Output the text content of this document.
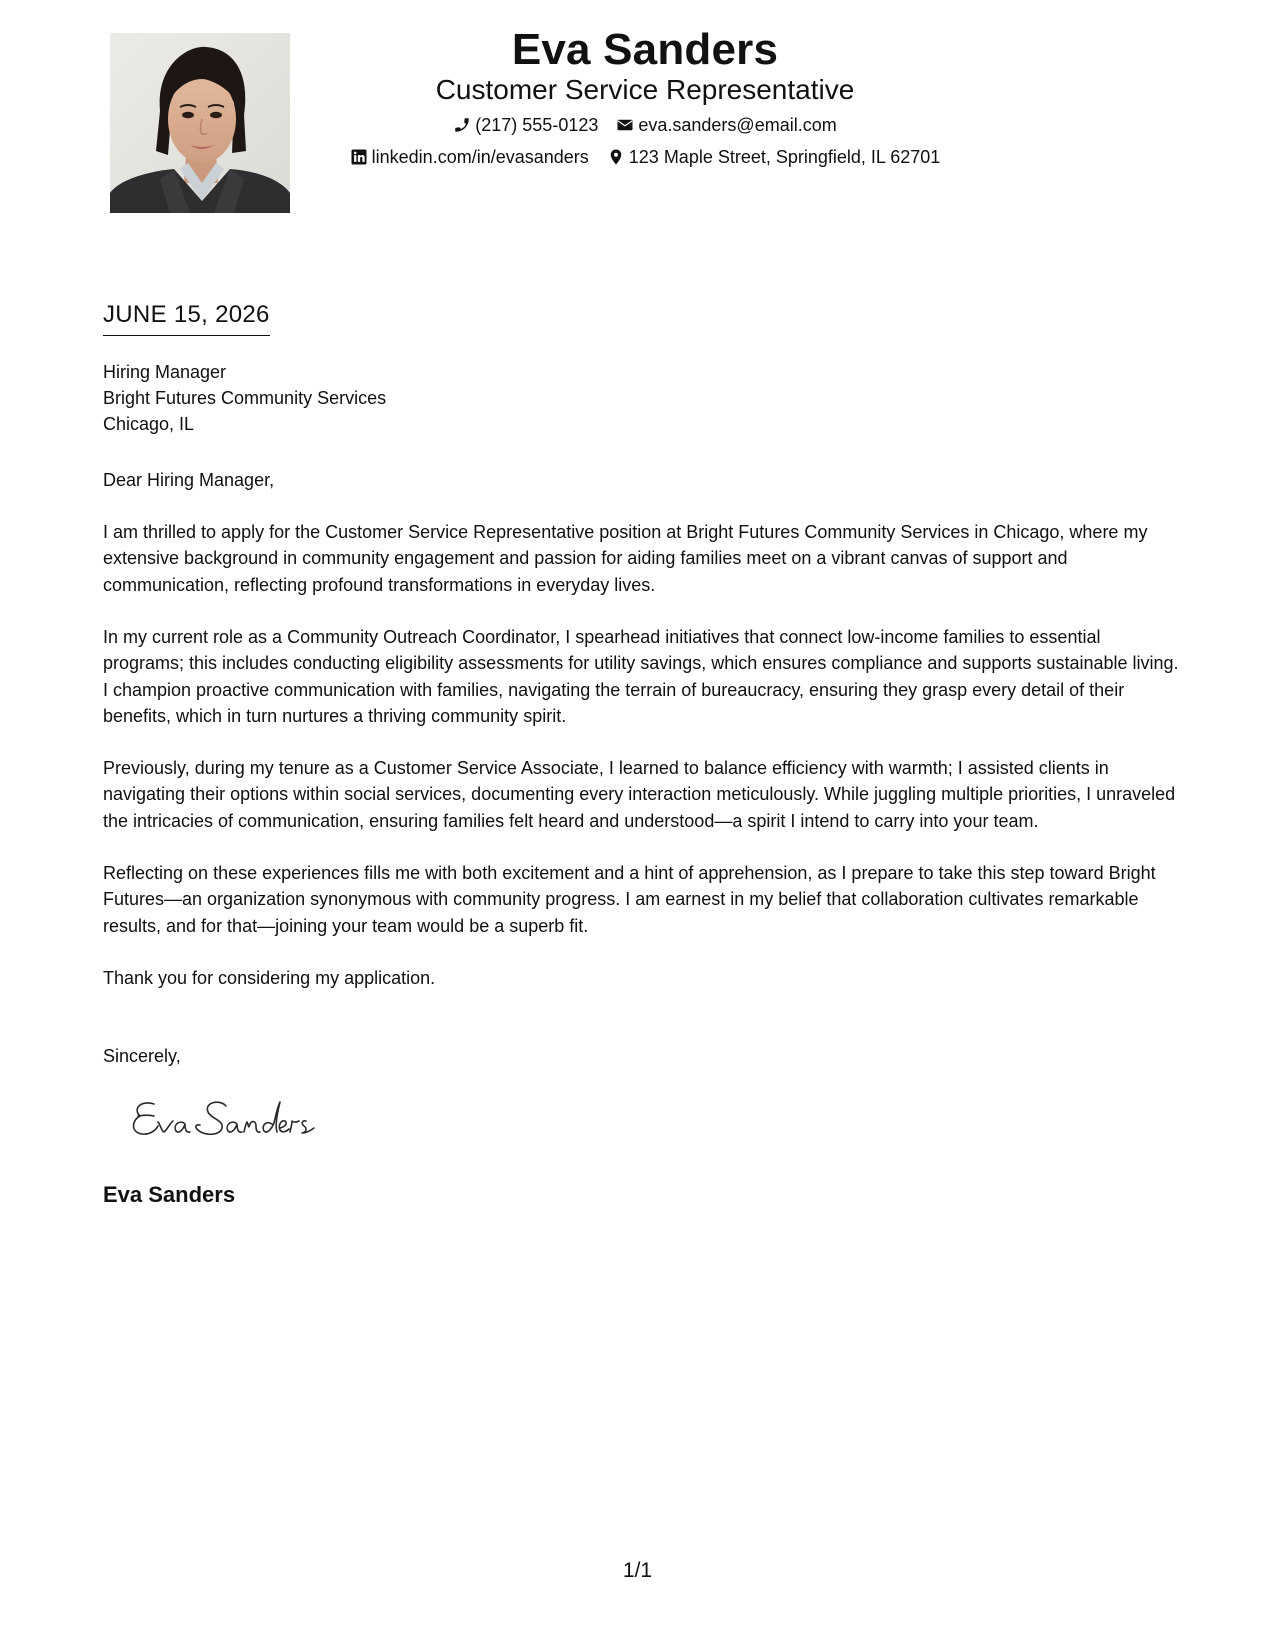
Eva Sanders
Customer Service Representative
(217) 555-0123 eva.sanders@email.com
linkedin.com/in/evasanders 123 Maple Street, Springfield, IL 62701
JUNE 15, 2026
Hiring Manager
Bright Futures Community Services
Chicago, IL
Dear Hiring Manager,

I am thrilled to apply for the Customer Service Representative position at Bright Futures Community Services in Chicago, where my extensive background in community engagement and passion for aiding families meet on a vibrant canvas of support and communication, reflecting profound transformations in everyday lives.

In my current role as a Community Outreach Coordinator, I spearhead initiatives that connect low-income families to essential programs; this includes conducting eligibility assessments for utility savings, which ensures compliance and supports sustainable living. I champion proactive communication with families, navigating the terrain of bureaucracy, ensuring they grasp every detail of their benefits, which in turn nurtures a thriving community spirit.

Previously, during my tenure as a Customer Service Associate, I learned to balance efficiency with warmth; I assisted clients in navigating their options within social services, documenting every interaction meticulously. While juggling multiple priorities, I unraveled the intricacies of communication, ensuring families felt heard and understood—a spirit I intend to carry into your team.

Reflecting on these experiences fills me with both excitement and a hint of apprehension, as I prepare to take this step toward Bright Futures—an organization synonymous with community progress. I am earnest in my belief that collaboration cultivates remarkable results, and for that—joining your team would be a superb fit.

Thank you for considering my application.

Sincerely,
Eva Sanders
1/1
